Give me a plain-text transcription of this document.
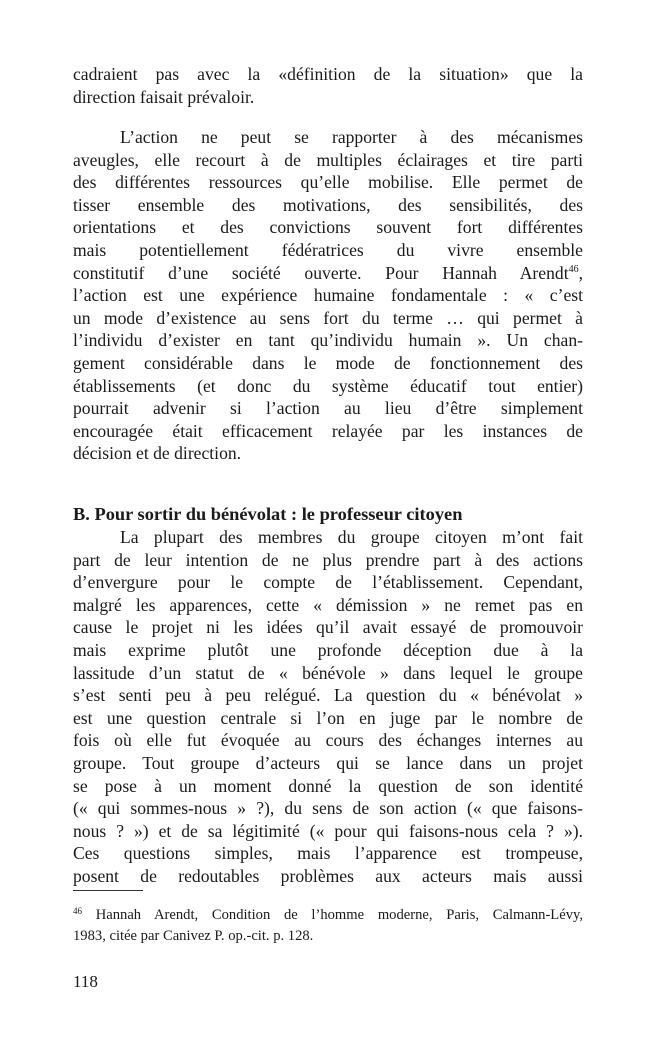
cadraient pas avec la «définition de la situation» que la
direction faisait prévaloir.
L’action ne peut se rapporter à des mécanismes
aveugles, elle recourt à de multiples éclairages et tire parti
des différentes ressources qu’elle mobilise. Elle permet de
tisser ensemble des motivations, des sensibilités, des
orientations et des convictions souvent fort différentes
mais potentiellement fédératrices du vivre ensemble
constitutif d’une société ouverte. Pour Hannah Arendt$^{46}$,
l’action est une expérience humaine fondamentale : « c’est
un mode d’existence au sens fort du terme … qui permet à
l’individu d’exister en tant qu’individu humain ». Un chan-
gement considérable dans le mode de fonctionnement des
établissements (et donc du système éducatif tout entier)
pourrait advenir si l’action au lieu d’être simplement
encouragée était efficacement relayée par les instances de
décision et de direction.
B. Pour sortir du bénévolat : le professeur citoyen
La plupart des membres du groupe citoyen m’ont fait
part de leur intention de ne plus prendre part à des actions
d’envergure pour le compte de l’établissement. Cependant,
malgré les apparences, cette « démission » ne remet pas en
cause le projet ni les idées qu’il avait essayé de promouvoir
mais exprime plutôt une profonde déception due à la
lassitude d’un statut de « bénévole » dans lequel le groupe
s’est senti peu à peu relégué. La question du « bénévolat »
est une question centrale si l’on en juge par le nombre de
fois où elle fut évoquée au cours des échanges internes au
groupe. Tout groupe d’acteurs qui se lance dans un projet
se pose à un moment donné la question de son identité
(« qui sommes-nous » ?), du sens de son action (« que faisons-
nous ? ») et de sa légitimité (« pour qui faisons-nous cela ? »).
Ces questions simples, mais l’apparence est trompeuse,
posent de redoutables problèmes aux acteurs mais aussi
$^{46}$ Hannah Arendt, Condition de l’homme moderne, Paris, Calmann-Lévy,
1983, citée par Canivez P. op.-cit. p. 128.
118
